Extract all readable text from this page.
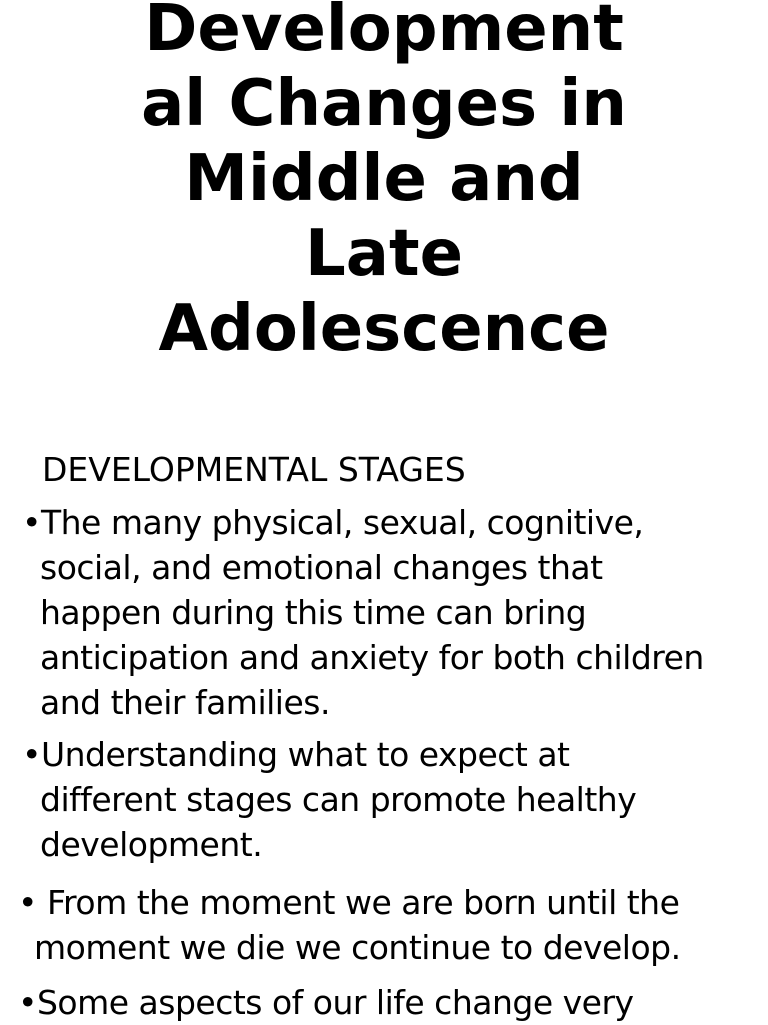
Development
al Changes in
Middle and
Late
Adolescence

DEVELOPMENTAL STAGES

•The many physical, sexual, cognitive,
social, and emotional changes that
happen during this time can bring
anticipation and anxiety for both children
and their families.
•Understanding what to expect at
different stages can promote healthy
development.
• From the moment we are born until the
moment we die we continue to develop.
•Some aspects of our life change very
